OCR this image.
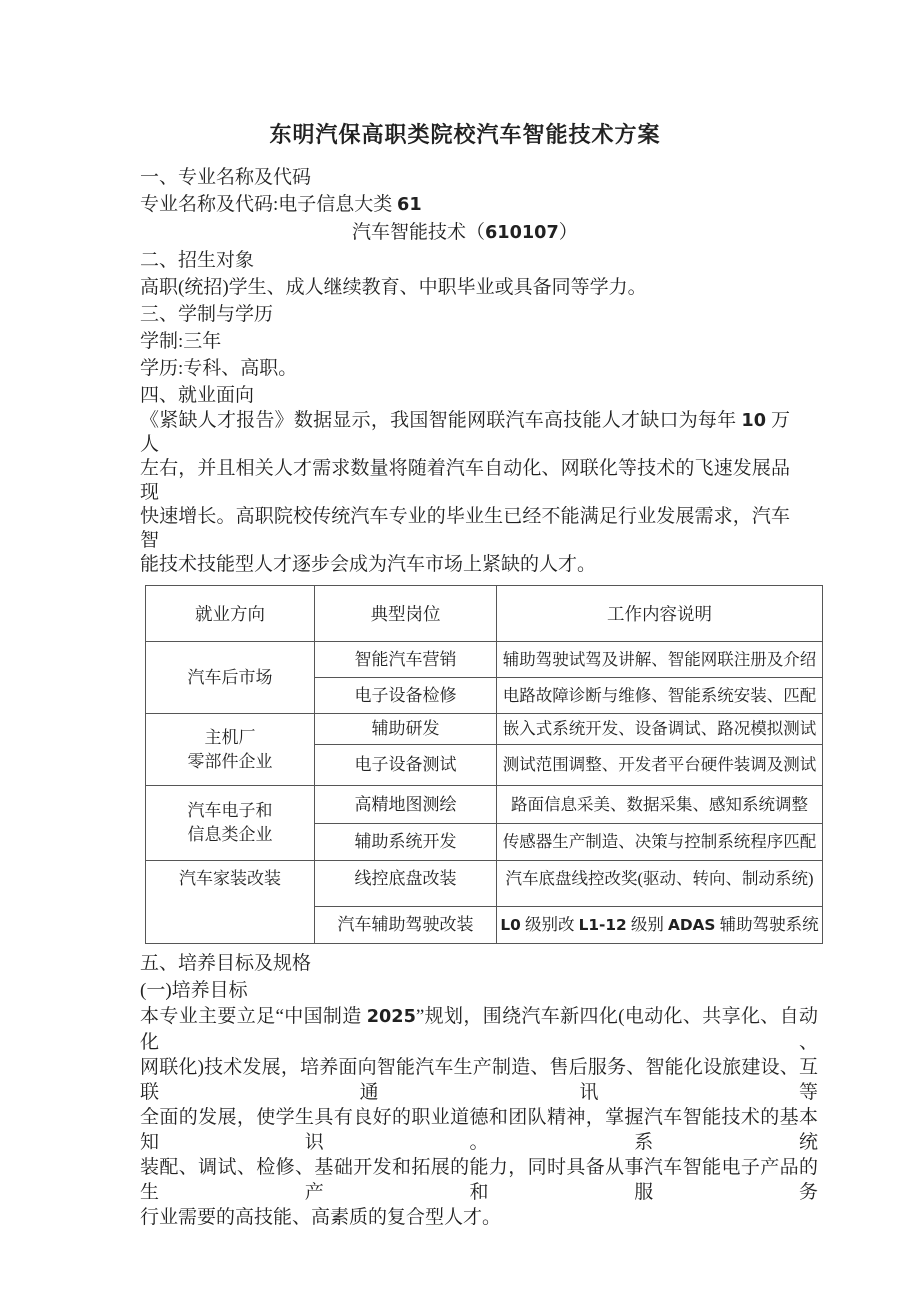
东明汽保高职类院校汽车智能技术方案
一、专业名称及代码
专业名称及代码:电子信息大类 61
汽车智能技术（610107）
二、招生对象
高职(统招)学生、成人继续教育、中职毕业或具备同等学力。
三、学制与学历
学制:三年
学历:专科、高职。
四、就业面向
《紧缺人才报告》数据显示，我国智能网联汽车高技能人才缺口为每年 10 万人
左右，并且相关人才需求数量将随着汽车自动化、网联化等技术的飞速发展品现
快速增长。高职院校传统汽车专业的毕业生已经不能满足行业发展需求，汽车智
能技术技能型人才逐步会成为汽车市场上紧缺的人才。
就业方向	典型岗位	工作内容说明

汽车后市场	智能汽车营销	辅助驾驶试驾及讲解、智能网联注册及介绍
	电子设备检修	电路故障诊断与维修、智能系统安装、匹配

主机厂
零部件企业	辅助研发	嵌入式系统开发、设备调试、路况模拟测试
	电子设备测试	测试范围调整、开发者平台硬件装调及测试

汽车电子和
信息类企业	高精地图测绘	路面信息采美、数据采集、感知系统调整
	辅助系统开发	传感器生产制造、决策与控制系统程序匹配

汽车家装改装	线控底盘改装	汽车底盘线控改奖(驱动、转向、制动系统)
	汽车辅助驾驶改装	L0 级别改 L1-12 级别 ADAS 辅助驾驶系统
五、培养目标及规格
(一)培养目标
本专业主要立足“中国制造 2025”规划，围绕汽车新四化(电动化、共享化、自动化、
网联化)技术发展，培养面向智能汽车生产制造、售后服务、智能化设旅建设、互联通讯等
全面的发展，使学生具有良好的职业道德和团队精神，掌握汽车智能技术的基本知识。系统
装配、调试、检修、基础开发和拓展的能力，同时具备从事汽车智能电子产品的生产和服务
行业需要的高技能、高素质的复合型人才。
